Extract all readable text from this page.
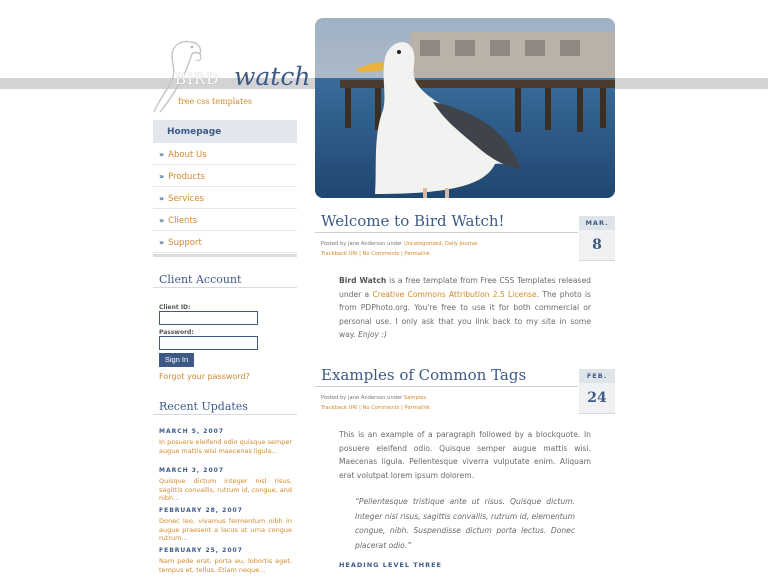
BIRD watch
free css templates
Homepage
» About Us
» Products
» Services
» Clients
» Support
Client Account
Client ID:
Password:
Sign In
Forgot your password?
Recent Updates
MARCH 5, 2007
In posuere eleifend odio quisque semper augue mattis wisi maecenas ligula...
MARCH 3, 2007
Quisque dictum integer nisl risus, sagittis convallis, rutrum id, congue, and nibh...
FEBRUARY 28, 2007
Donec leo, vivamus fermentum nibh in augue praesent a lacus at urna congue rutrum...
FEBRUARY 25, 2007
Nam pede erat, porta eu, lobortis eget, tempus et, tellus. Etiam neque...
Welcome to Bird Watch!	MAR.
8
Posted by Jane Anderson under Uncategorized, Daily Journal
Trackback URI | No Comments | Permalink
Bird Watch is a free template from Free CSS Templates released under a Creative Commons Attribution 2.5 License. The photo is from PDPhoto.org. You're free to use it for both commercial or personal use. I only ask that you link back to my site in some way. Enjoy :)
Examples of Common Tags	FEB.
24
Posted by Jane Anderson under Samples
Trackback URI | No Comments | Permalink
This is an example of a paragraph followed by a blockquote. In posuere eleifend odio. Quisque semper augue mattis wisi. Maecenas ligula. Pellentesque viverra vulputate enim. Aliquam erat volutpat lorem ipsum dolorem.
“Pellentesque tristique ante ut risus. Quisque dictum. Integer nisl risus, sagittis convallis, rutrum id, elementum congue, nibh. Suspendisse dictum porta lectus. Donec placerat odio.”
HEADING LEVEL THREE
